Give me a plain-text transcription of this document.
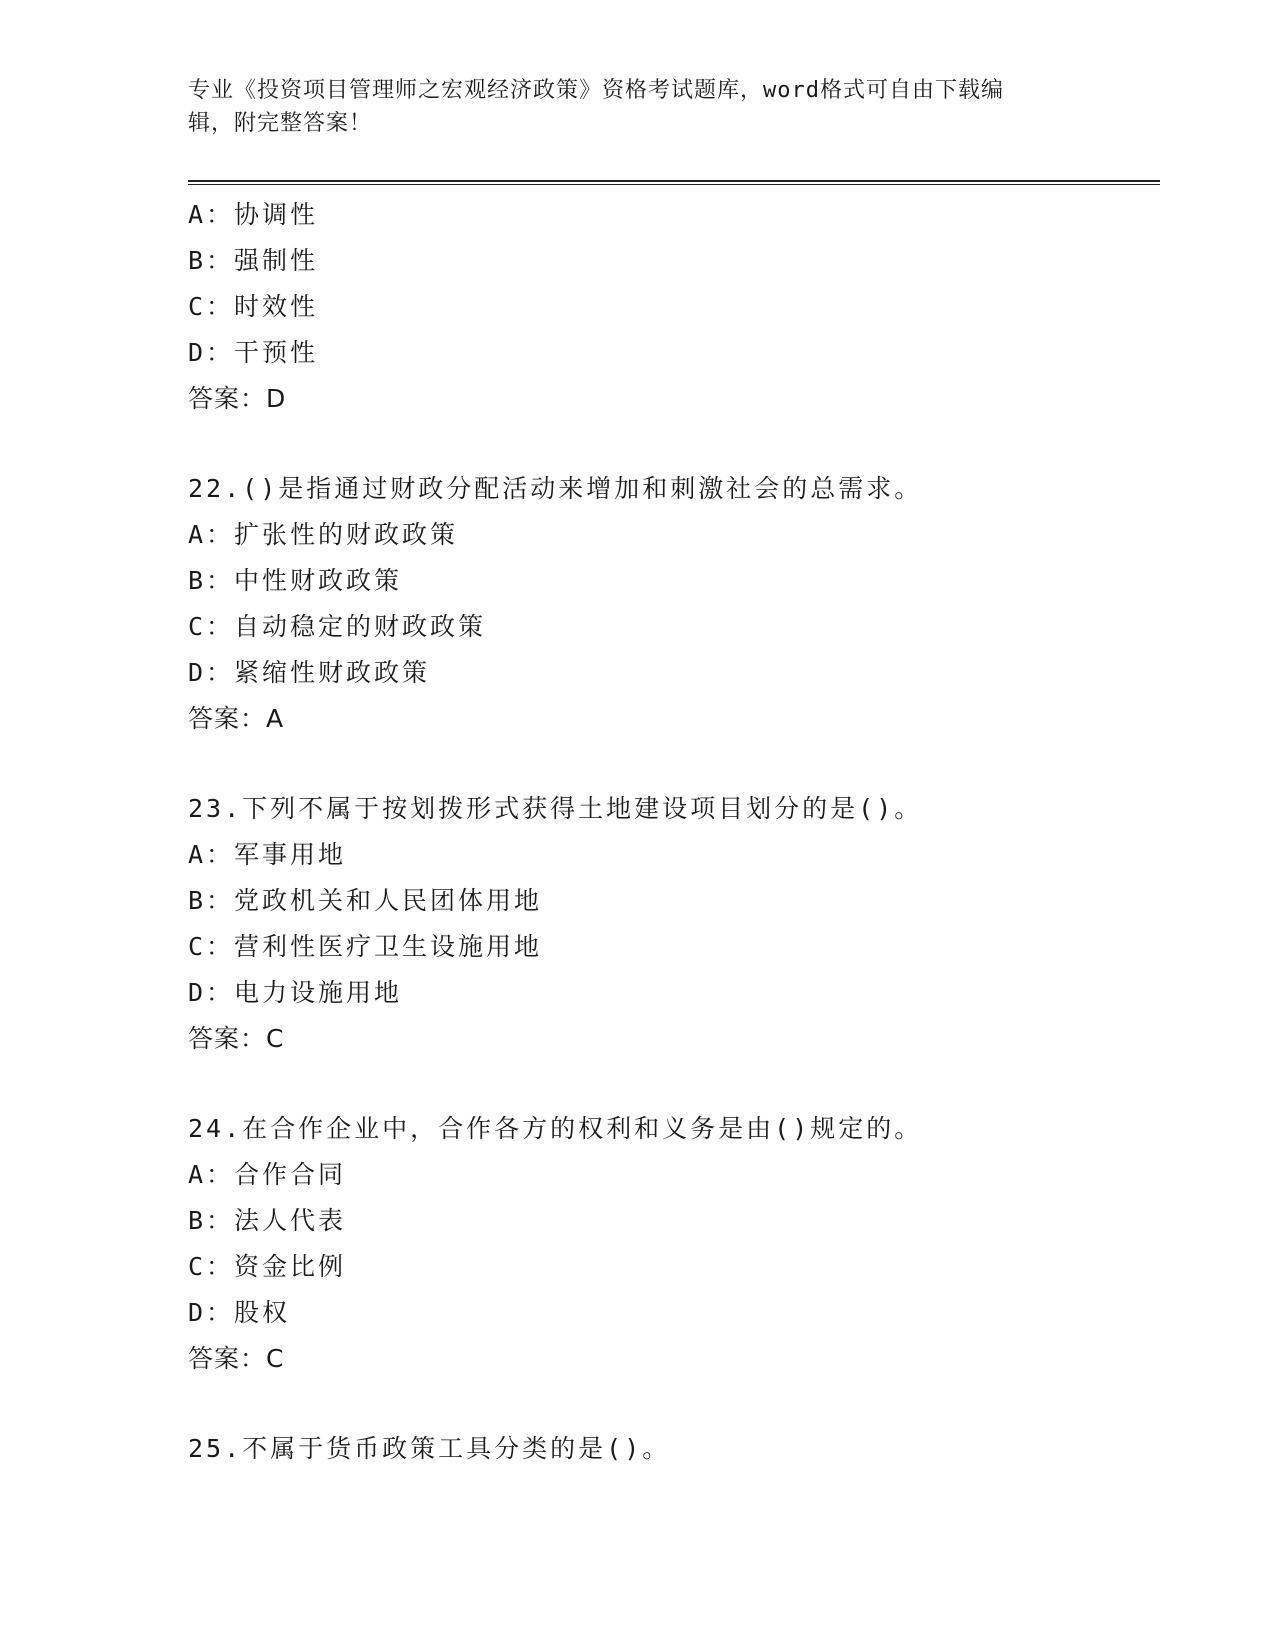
专业《投资项目管理师之宏观经济政策》资格考试题库，word格式可自由下载编
辑，附完整答案！
A：协调性
B：强制性
C：时效性
D：干预性
答案：D
22.()是指通过财政分配活动来增加和刺激社会的总需求。
A：扩张性的财政政策
B：中性财政政策
C：自动稳定的财政政策
D：紧缩性财政政策
答案：A
23.下列不属于按划拨形式获得土地建设项目划分的是()。
A：军事用地
B：党政机关和人民团体用地
C：营利性医疗卫生设施用地
D：电力设施用地
答案：C
24.在合作企业中，合作各方的权利和义务是由()规定的。
A：合作合同
B：法人代表
C：资金比例
D：股权
答案：C
25.不属于货币政策工具分类的是()。
